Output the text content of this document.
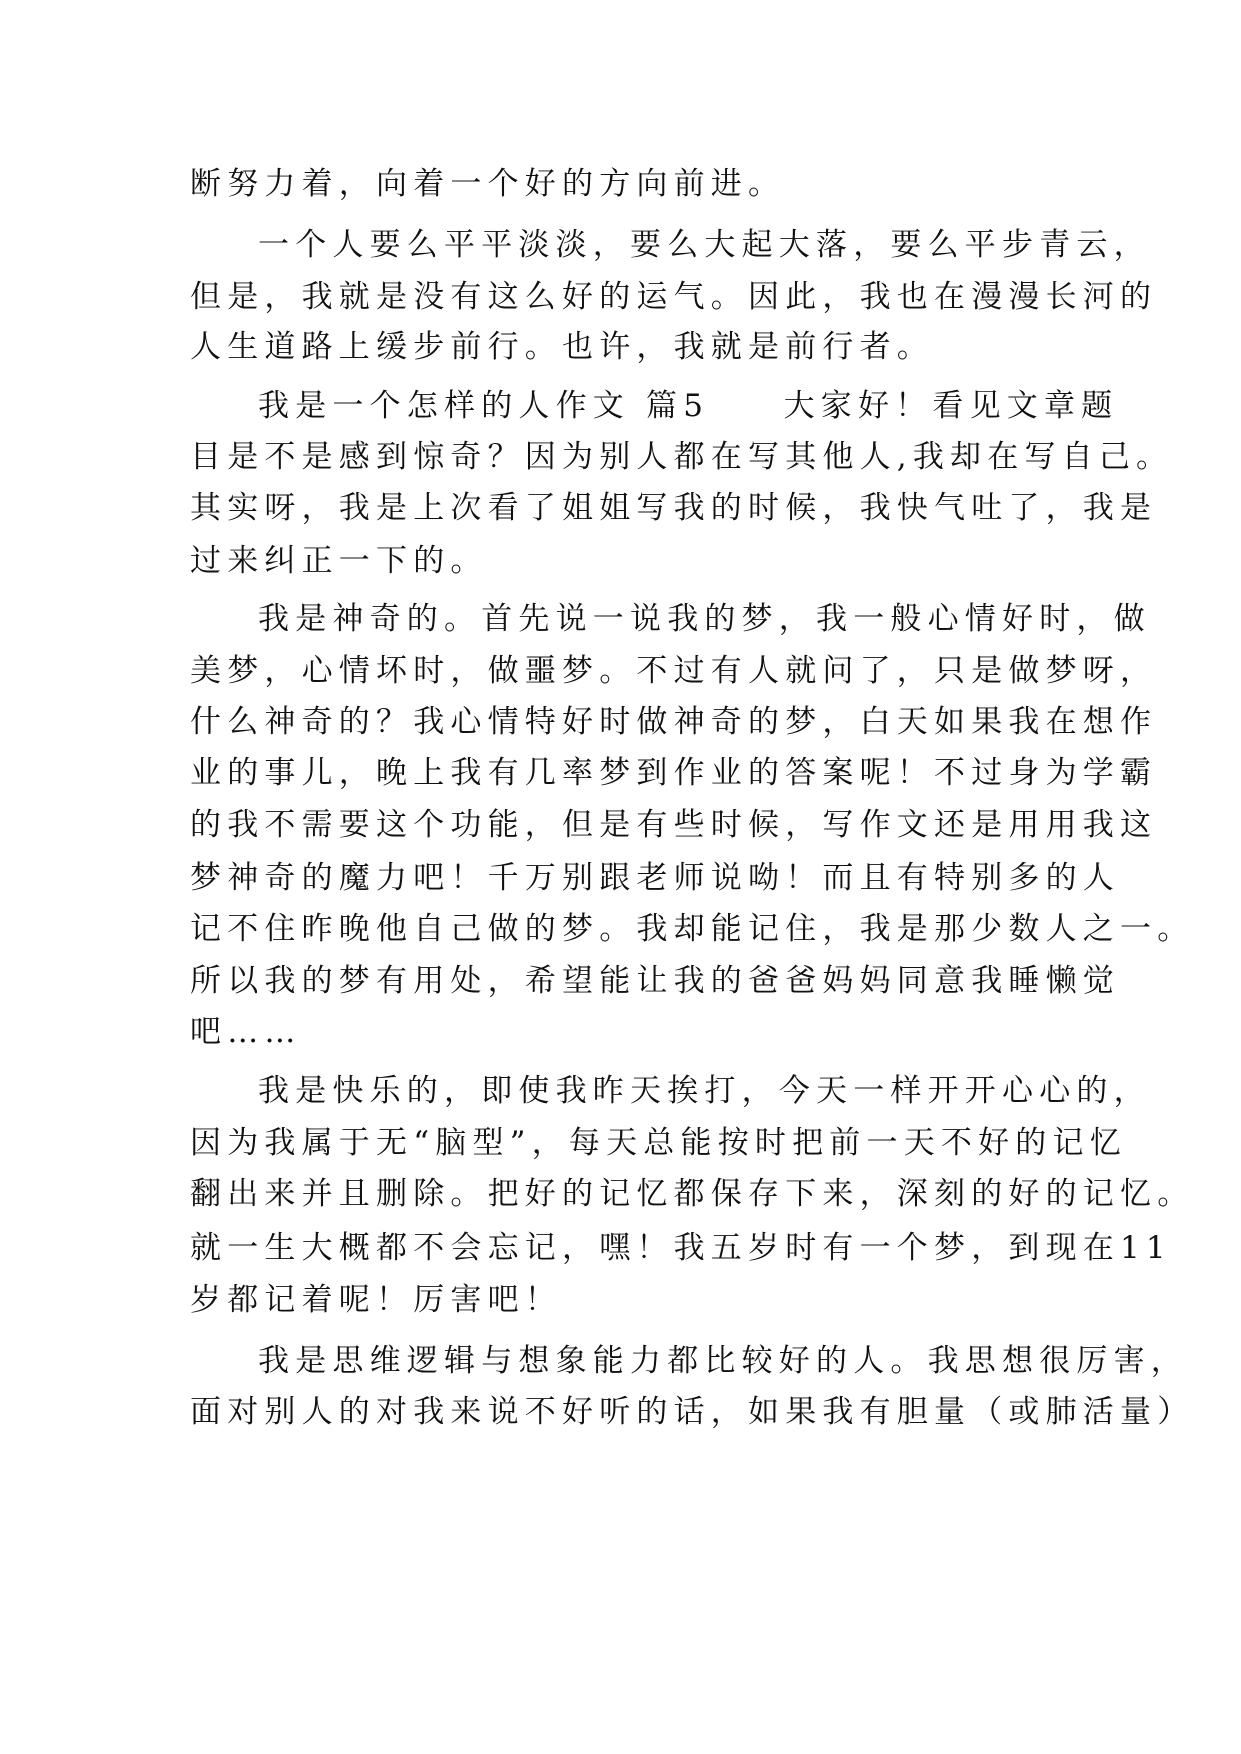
断努力着，向着一个好的方向前进。
一个人要么平平淡淡，要么大起大落，要么平步青云，
但是，我就是没有这么好的运气。因此，我也在漫漫长河的
人生道路上缓步前行。也许，我就是前行者。
我是一个怎样的人作文 篇5　　大家好！看见文章题
目是不是感到惊奇？因为别人都在写其他人,我却在写自己。
其实呀，我是上次看了姐姐写我的时候，我快气吐了，我是
过来纠正一下的。
我是神奇的。首先说一说我的梦，我一般心情好时，做
美梦，心情坏时，做噩梦。不过有人就问了，只是做梦呀，
什么神奇的？我心情特好时做神奇的梦，白天如果我在想作
业的事儿，晚上我有几率梦到作业的答案呢！不过身为学霸
的我不需要这个功能，但是有些时候，写作文还是用用我这
梦神奇的魔力吧！千万别跟老师说呦！而且有特别多的人
记不住昨晚他自己做的梦。我却能记住，我是那少数人之一。
所以我的梦有用处，希望能让我的爸爸妈妈同意我睡懒觉
吧……
我是快乐的，即使我昨天挨打，今天一样开开心心的，
因为我属于无“脑型”，每天总能按时把前一天不好的记忆
翻出来并且删除。把好的记忆都保存下来，深刻的好的记忆。
就一生大概都不会忘记，嘿！我五岁时有一个梦，到现在11
岁都记着呢！厉害吧！
我是思维逻辑与想象能力都比较好的人。我思想很厉害，
面对别人的对我来说不好听的话，如果我有胆量（或肺活量）
